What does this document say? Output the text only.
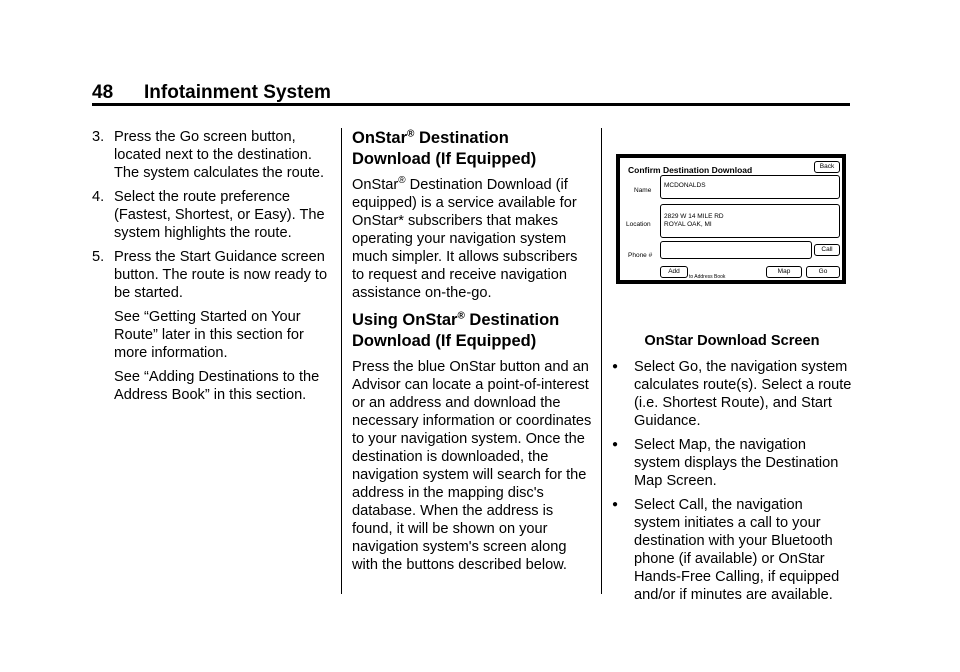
48 Infotainment System
3. Press the Go screen button, located next to the destination. The system calculates the route.
4. Select the route preference (Fastest, Shortest, or Easy). The system highlights the route.
5. Press the Start Guidance screen button. The route is now ready to be started.
See “Getting Started on Your Route” later in this section for more information.
See “Adding Destinations to the Address Book” in this section.
OnStar® Destination Download (If Equipped)

OnStar® Destination Download (if equipped) is a service available for OnStar* subscribers that makes operating your navigation system much simpler. It allows subscribers to request and receive navigation assistance on-the-go.

Using OnStar® Destination Download (If Equipped)

Press the blue OnStar button and an Advisor can locate a point-of-interest or an address and download the necessary information or coordinates to your navigation system. Once the destination is downloaded, the navigation system will search for the address in the mapping disc's database. When the address is found, it will be shown on your navigation system's screen along with the buttons described below.

Confirm Destination Download	Back
Name
MCDONALDS
Location
2829 W 14 MILE RD
ROYAL OAK, MI
Phone #
Call
Add
to Address Book
Map	Go
OnStar Download Screen
●	Select Go, the navigation system calculates route(s). Select a route (i.e. Shortest Route), and Start Guidance.
●	Select Map, the navigation system displays the Destination Map Screen.
●	Select Call, the navigation system initiates a call to your destination with your Bluetooth phone (if available) or OnStar Hands-Free Calling, if equipped and/or if minutes are available.
